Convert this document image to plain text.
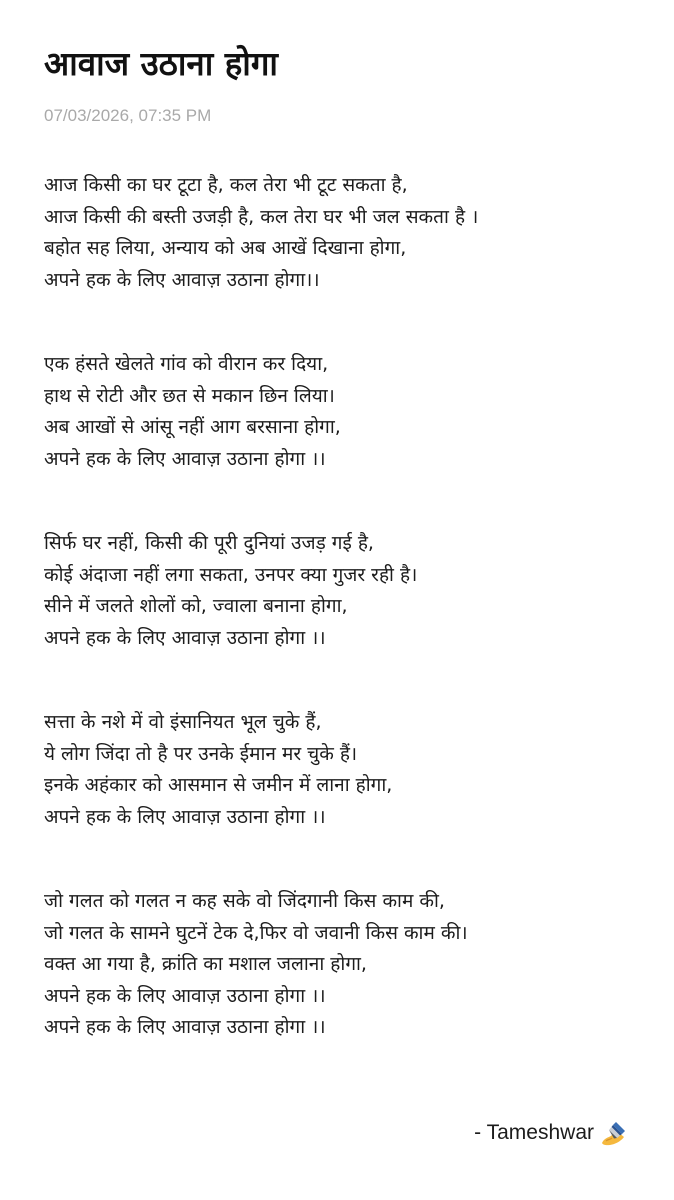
आवाज उठाना होगा
07/03/2026, 07:35 PM
आज किसी का घर टूटा है, कल तेरा भी टूट सकता है,
आज किसी की बस्ती उजड़ी है, कल तेरा घर भी जल सकता है ।
बहोत सह लिया, अन्याय को अब आखें दिखाना होगा,
अपने हक के लिए आवाज़ उठाना होगा।।
एक हंसते खेलते गांव को वीरान कर दिया,
हाथ से रोटी और छत से मकान छिन लिया।
अब आखों से आंसू नहीं आग बरसाना होगा,
अपने हक के लिए आवाज़ उठाना होगा ।।
सिर्फ घर नहीं, किसी की पूरी दुनियां उजड़ गई है,
कोई अंदाजा नहीं लगा सकता, उनपर क्या गुजर रही है।
सीने में जलते शोलों को, ज्वाला बनाना होगा,
अपने हक के लिए आवाज़ उठाना होगा ।।
सत्ता के नशे में वो इंसानियत भूल चुके हैं,
ये लोग जिंदा तो है पर उनके ईमान मर चुके हैं।
इनके अहंकार को आसमान से जमीन में लाना होगा,
अपने हक के लिए आवाज़ उठाना होगा ।।
जो गलत को गलत न कह सके वो जिंदगानी किस काम की,
जो गलत के सामने घुटनें टेक दे,फिर वो जवानी किस काम की।
वक्त आ गया है, क्रांति का मशाल जलाना होगा,
अपने हक के लिए आवाज़ उठाना होगा ।।
अपने हक के लिए आवाज़ उठाना होगा ।।
- Tameshwar
